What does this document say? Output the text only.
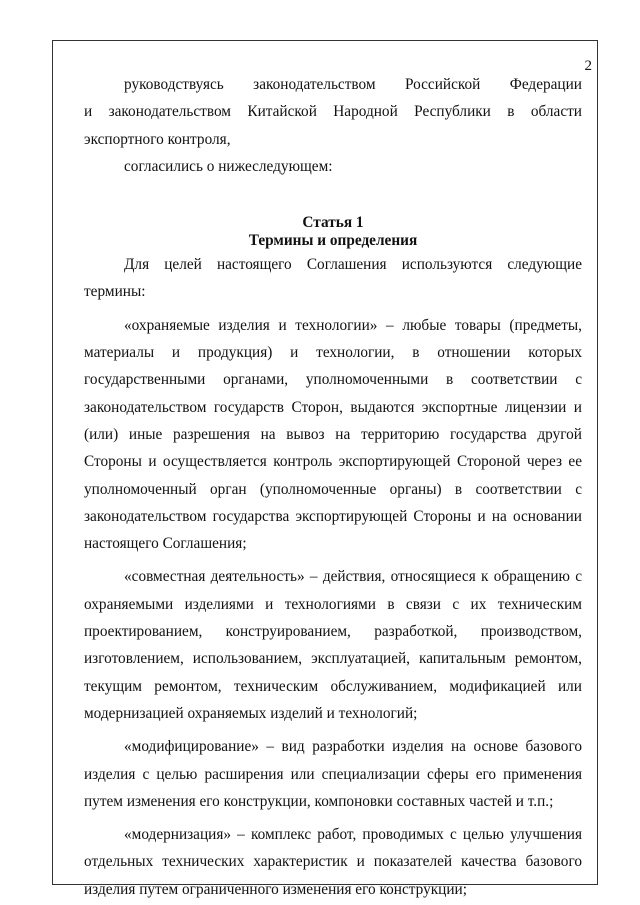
2
руководствуясь законодательством Российской Федерации
и законодательством Китайской Народной Республики в области
экспортного контроля,
согласились о нижеследующем:
Статья 1
Термины и определения

Для целей настоящего Соглашения используются следующие термины:

«охраняемые изделия и технологии» – любые товары (предметы, материалы и продукция) и технологии, в отношении которых государственными органами, уполномоченными в соответствии с законодательством государств Сторон, выдаются экспортные лицензии и (или) иные разрешения на вывоз на территорию государства другой Стороны и осуществляется контроль экспортирующей Стороной через ее уполномоченный орган (уполномоченные органы) в соответствии с законодательством государства экспортирующей Стороны и на основании настоящего Соглашения;

«совместная деятельность» – действия, относящиеся к обращению с охраняемыми изделиями и технологиями в связи с их техническим проектированием, конструированием, разработкой, производством, изготовлением, использованием, эксплуатацией, капитальным ремонтом, текущим ремонтом, техническим обслуживанием, модификацией или модернизацией охраняемых изделий и технологий;

«модифицирование» – вид разработки изделия на основе базового изделия с целью расширения или специализации сферы его применения путем изменения его конструкции, компоновки составных частей и т.п.;

«модернизация» – комплекс работ, проводимых с целью улучшения отдельных технических характеристик и показателей качества базового изделия путем ограниченного изменения его конструкции;
